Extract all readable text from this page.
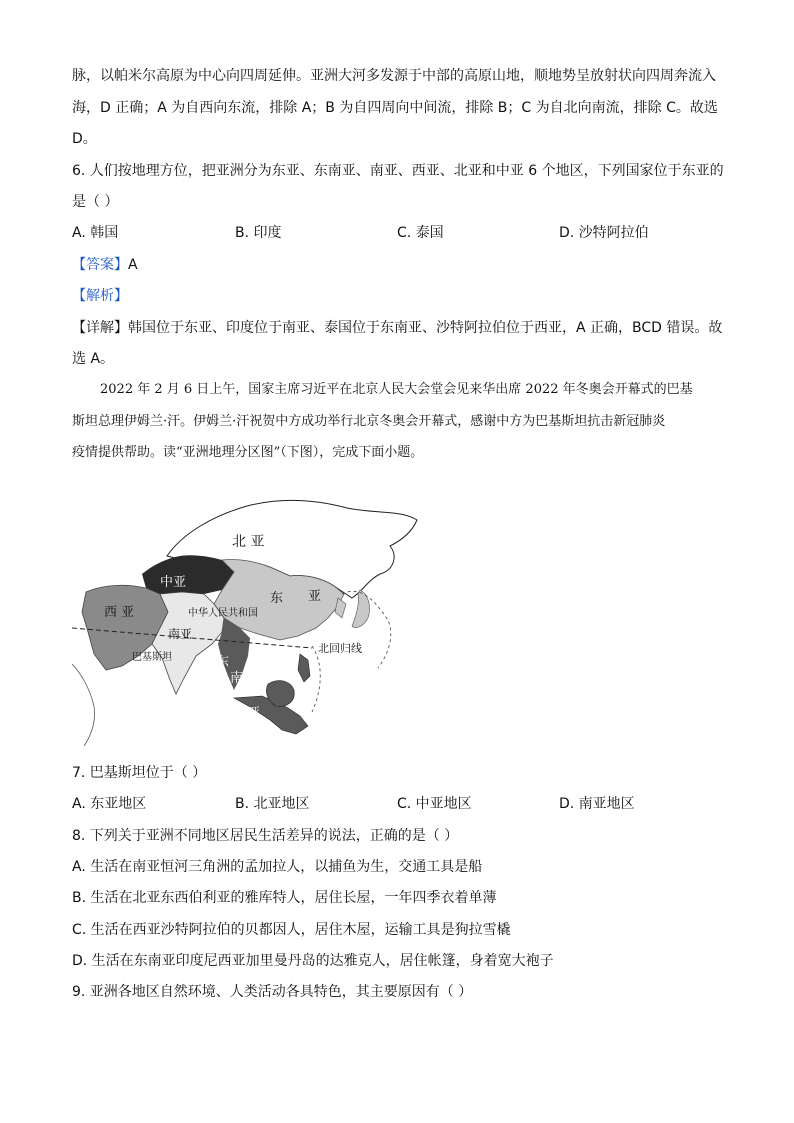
脉，以帕米尔高原为中心向四周延伸。亚洲大河多发源于中部的高原山地，顺地势呈放射状向四周奔流入
海，D 正确；A 为自西向东流，排除 A；B 为自四周向中间流，排除 B；C 为自北向南流，排除 C。故选
D。
6. 人们按地理方位，把亚洲分为东亚、东南亚、南亚、西亚、北亚和中亚 6 个地区，下列国家位于东亚的
是（ ）
A. 韩国	B. 印度	C. 泰国	D. 沙特阿拉伯
【答案】A
【解析】
【详解】韩国位于东亚、印度位于南亚、泰国位于东南亚、沙特阿拉伯位于西亚，A 正确，BCD 错误。故
选 A。
2022 年 2 月 6 日上午，国家主席习近平在北京人民大会堂会见来华出席 2022 年冬奥会开幕式的巴基
斯坦总理伊姆兰·汗。伊姆兰·汗祝贺中方成功举行北京冬奥会开幕式，感谢中方为巴基斯坦抗击新冠肺炎
疫情提供帮助。读“亚洲地理分区图”（下图），完成下面小题。
北 亚
中亚
西 亚	中华人民共和国
东 亚
南亚
巴基斯坦
北回归线
东
南
亚
7. 巴基斯坦位于（ ）
A. 东亚地区	B. 北亚地区	C. 中亚地区	D. 南亚地区
8. 下列关于亚洲不同地区居民生活差异的说法，正确的是（ ）
A. 生活在南亚恒河三角洲的孟加拉人，以捕鱼为生，交通工具是船
B. 生活在北亚东西伯利亚的雅库特人，居住长屋，一年四季衣着单薄
C. 生活在西亚沙特阿拉伯的贝都因人，居住木屋，运输工具是狗拉雪橇
D. 生活在东南亚印度尼西亚加里曼丹岛的达雅克人，居住帐篷，身着宽大袍子
9. 亚洲各地区自然环境、人类活动各具特色，其主要原因有（ ）
